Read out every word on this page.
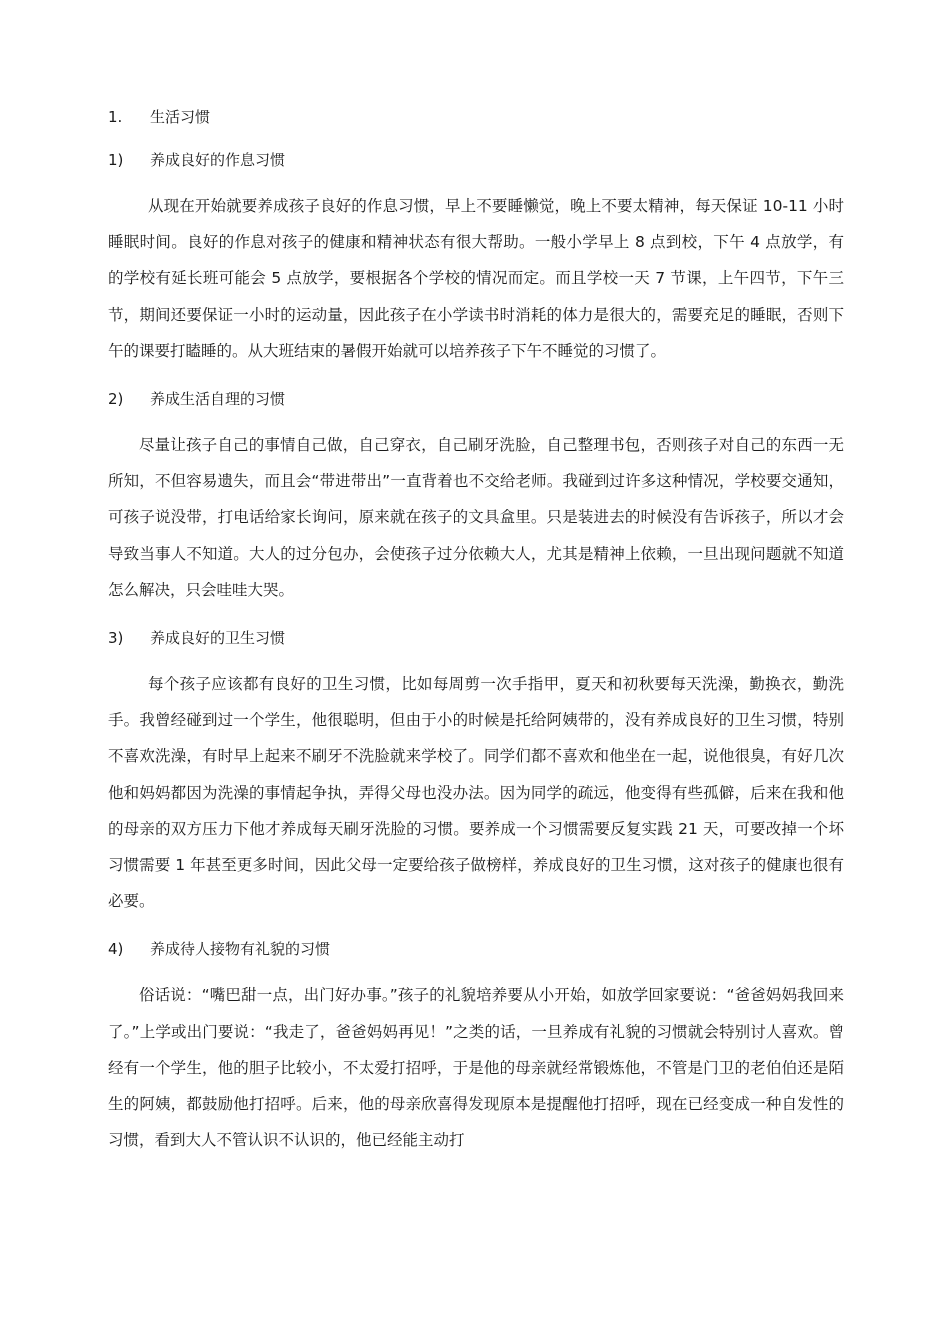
1.	生活习惯
1)	养成良好的作息习惯

从现在开始就要养成孩子良好的作息习惯，早上不要睡懒觉，晚上不要太精神，每天保证 10-11 小时睡眠时间。良好的作息对孩子的健康和精神状态有很大帮助。一般小学早上 8 点到校，下午 4 点放学，有的学校有延长班可能会 5 点放学，要根据各个学校的情况而定。而且学校一天 7 节课，上午四节，下午三节，期间还要保证一小时的运动量，因此孩子在小学读书时消耗的体力是很大的，需要充足的睡眠，否则下午的课要打瞌睡的。从大班结束的暑假开始就可以培养孩子下午不睡觉的习惯了。

2)	养成生活自理的习惯

尽量让孩子自己的事情自己做，自己穿衣，自己刷牙洗脸，自己整理书包，否则孩子对自己的东西一无所知，不但容易遗失，而且会“带进带出”一直背着也不交给老师。我碰到过许多这种情况，学校要交通知，可孩子说没带，打电话给家长询问，原来就在孩子的文具盒里。只是装进去的时候没有告诉孩子，所以才会导致当事人不知道。大人的过分包办，会使孩子过分依赖大人，尤其是精神上依赖，一旦出现问题就不知道怎么解决，只会哇哇大哭。

3)	养成良好的卫生习惯

每个孩子应该都有良好的卫生习惯，比如每周剪一次手指甲，夏天和初秋要每天洗澡，勤换衣，勤洗手。我曾经碰到过一个学生，他很聪明，但由于小的时候是托给阿姨带的，没有养成良好的卫生习惯，特别不喜欢洗澡，有时早上起来不刷牙不洗脸就来学校了。同学们都不喜欢和他坐在一起，说他很臭，有好几次他和妈妈都因为洗澡的事情起争执，弄得父母也没办法。因为同学的疏远，他变得有些孤僻，后来在我和他的母亲的双方压力下他才养成每天刷牙洗脸的习惯。要养成一个习惯需要反复实践 21 天，可要改掉一个坏习惯需要 1 年甚至更多时间，因此父母一定要给孩子做榜样，养成良好的卫生习惯，这对孩子的健康也很有必要。

4)	养成待人接物有礼貌的习惯

俗话说：“嘴巴甜一点，出门好办事。”孩子的礼貌培养要从小开始，如放学回家要说：“爸爸妈妈我回来了。”上学或出门要说：“我走了，爸爸妈妈再见！”之类的话，一旦养成有礼貌的习惯就会特别讨人喜欢。曾经有一个学生，他的胆子比较小，不太爱打招呼，于是他的母亲就经常锻炼他，不管是门卫的老伯伯还是陌生的阿姨，都鼓励他打招呼。后来，他的母亲欣喜得发现原本是提醒他打招呼，现在已经变成一种自发性的习惯，看到大人不管认识不认识的，他已经能主动打
